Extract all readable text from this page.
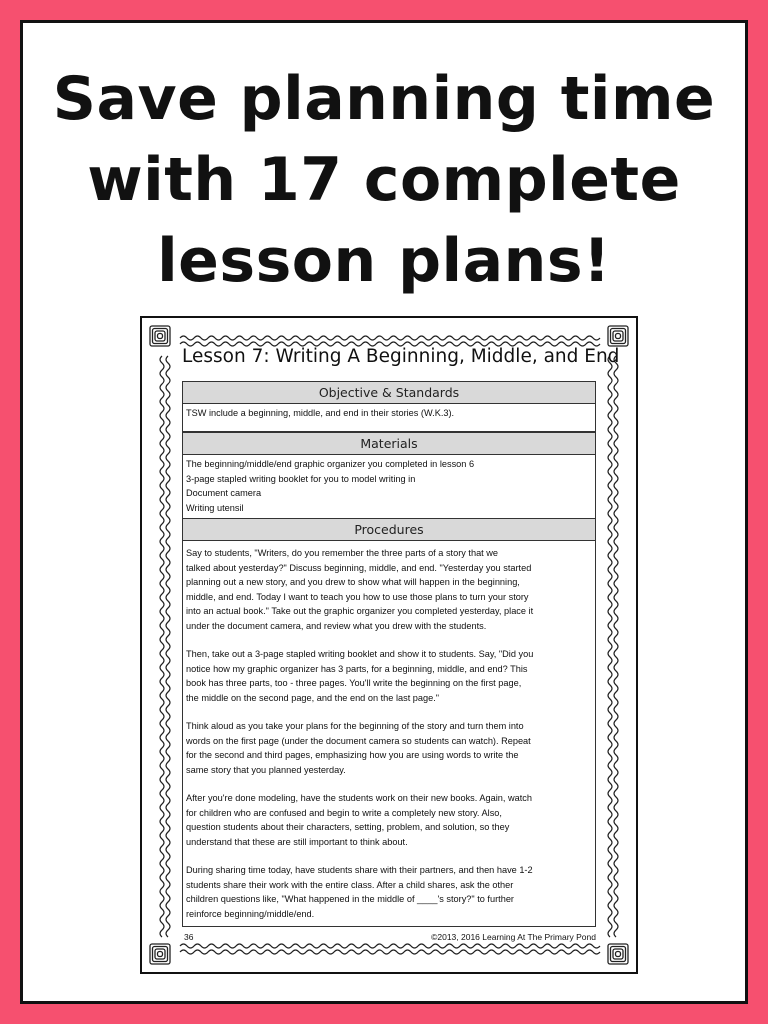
Save planning time
with 17 complete
lesson plans!
Lesson 7: Writing A Beginning, Middle, and End
Objective & Standards
TSW include a beginning, middle, and end in their stories (W.K.3).
Materials
The beginning/middle/end graphic organizer you completed in lesson 6
3-page stapled writing booklet for you to model writing in
Document camera
Writing utensil
Procedures

Say to students, "Writers, do you remember the three parts of a story that we
talked about yesterday?" Discuss beginning, middle, and end. "Yesterday you started
planning out a new story, and you drew to show what will happen in the beginning,
middle, and end. Today I want to teach you how to use those plans to turn your story
into an actual book." Take out the graphic organizer you completed yesterday, place it
under the document camera, and review what you drew with the students.

Then, take out a 3-page stapled writing booklet and show it to students. Say, "Did you
notice how my graphic organizer has 3 parts, for a beginning, middle, and end? This
book has three parts, too - three pages. You'll write the beginning on the first page,
the middle on the second page, and the end on the last page."

Think aloud as you take your plans for the beginning of the story and turn them into
words on the first page (under the document camera so students can watch). Repeat
for the second and third pages, emphasizing how you are using words to write the
same story that you planned yesterday.

After you're done modeling, have the students work on their new books. Again, watch
for children who are confused and begin to write a completely new story. Also,
question students about their characters, setting, problem, and solution, so they
understand that these are still important to think about.

During sharing time today, have students share with their partners, and then have 1-2
students share their work with the entire class. After a child shares, ask the other
children questions like, "What happened in the middle of ____'s story?" to further
reinforce beginning/middle/end.

36	©2013, 2016 Learning At The Primary Pond
